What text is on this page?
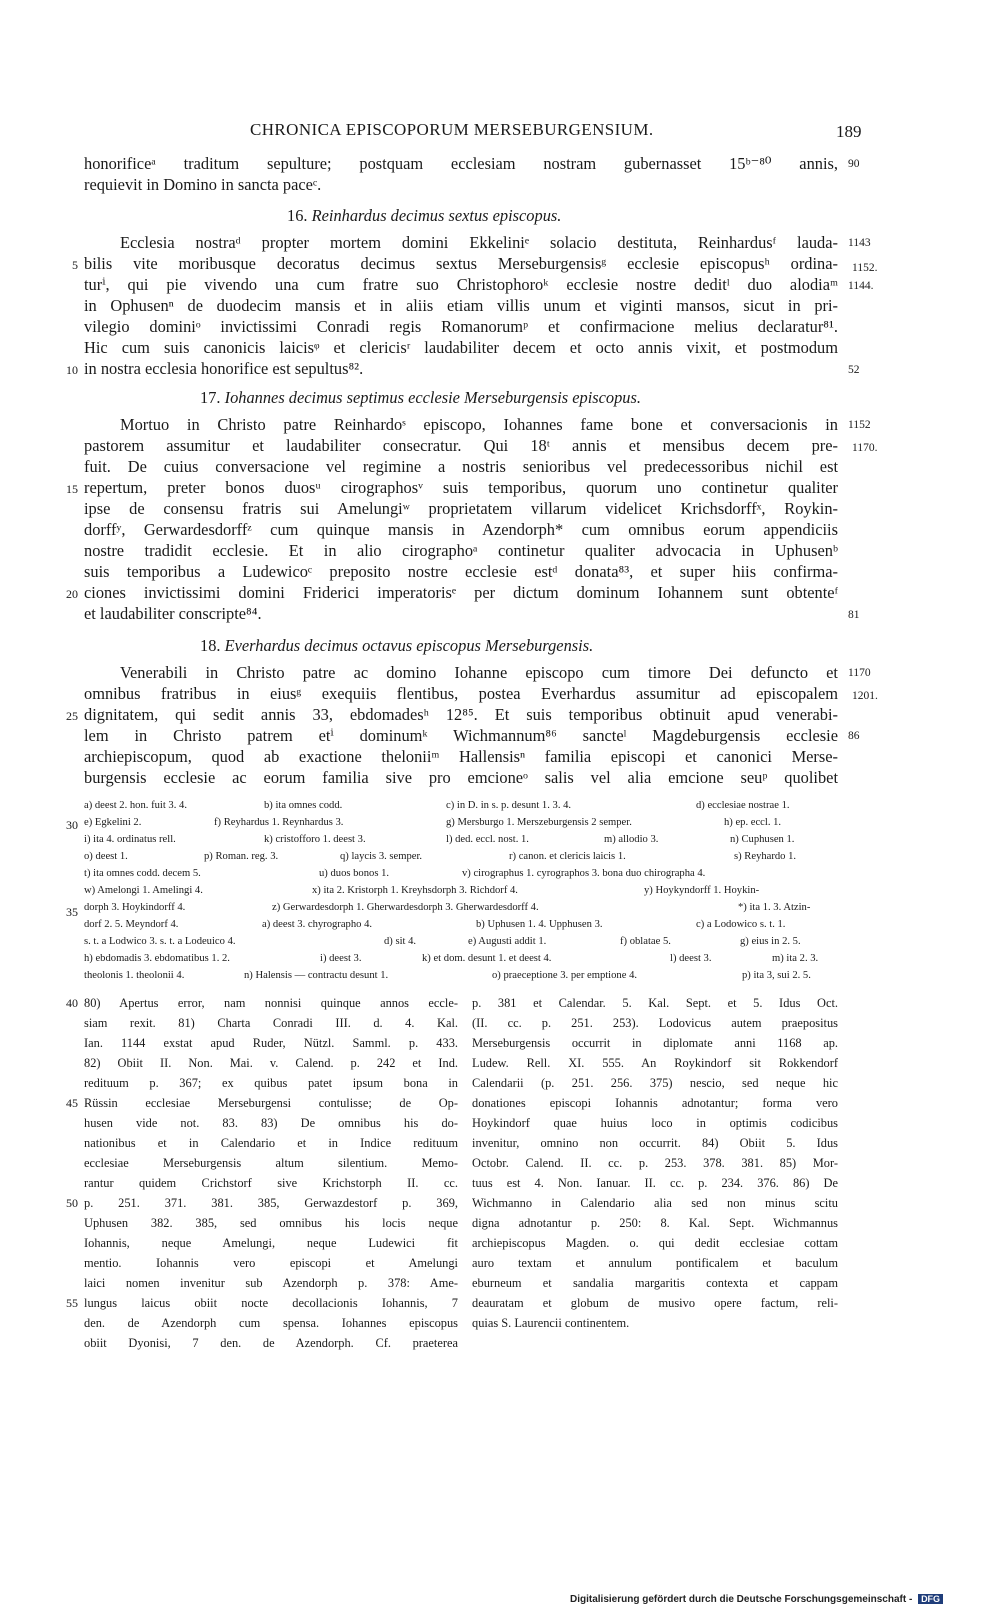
CHRONICA EPISCOPORUM MERSEBURGENSIUM.	189
honorificeᵃ traditum sepulture; postquam ecclesiam nostram gubernasset 15ᵇ⁻⁸⁰ annis,
requievit in Domino in sancta paceᶜ.
16. Reinhardus decimus sextus episcopus.
Ecclesia nostraᵈ propter mortem domini Ekkeliniᵉ solacio destituta, Reinhardusᶠ lauda-
bilis vite moribusque decoratus decimus sextus Merseburgensisᵍ ecclesie episcopusʰ ordina-
turⁱ, qui pie vivendo una cum fratre suo Christophoroᵏ ecclesie nostre deditˡ duo alodiaᵐ
in Ophusenⁿ de duodecim mansis et in aliis etiam villis unum et viginti mansos, sicut in pri-
vilegio dominiᵒ invictissimi Conradi regis Romanorumᵖ et confirmacione melius declaratur⁸¹.
Hic cum suis canonicis laicisᵠ et clericisʳ laudabiliter decem et octo annis vixit, et postmodum
in nostra ecclesia honorifice est sepultus⁸².
17. Iohannes decimus septimus ecclesie Merseburgensis episcopus.
Mortuo in Christo patre Reinhardoˢ episcopo, Iohannes fame bone et conversacionis in
pastorem assumitur et laudabiliter consecratur. Qui 18ᵗ annis et mensibus decem pre-
fuit. De cuius conversacione vel regimine a nostris senioribus vel predecessoribus nichil est
repertum, preter bonos duosᵘ cirographosᵛ suis temporibus, quorum uno continetur qualiter
ipse de consensu fratris sui Amelungiʷ proprietatem villarum videlicet Krichsdorffˣ, Roykin-
dorffʸ, Gerwardesdorffᶻ cum quinque mansis in Azendorph* cum omnibus eorum appendiciis
nostre tradidit ecclesie. Et in alio cirographoᵃ continetur qualiter advocacia in Uphusenᵇ
suis temporibus a Ludewicoᶜ preposito nostre ecclesie estᵈ donata⁸³, et super hiis confirma-
ciones invictissimi domini Friderici imperatorisᵉ per dictum dominum Iohannem sunt obtenteᶠ
et laudabiliter conscripte⁸⁴.
18. Everhardus decimus octavus episcopus Merseburgensis.
Venerabili in Christo patre ac domino Iohanne episcopo cum timore Dei defuncto et
omnibus fratribus in eiusᵍ exequiis flentibus, postea Everhardus assumitur ad episcopalem
dignitatem, qui sedit annis 33, ebdomadesʰ 12⁸⁵. Et suis temporibus obtinuit apud venerabi-
lem in Christo patrem etⁱ dominumᵏ Wichmannum⁸⁶ sancteˡ Magdeburgensis ecclesie
archiepiscopum, quod ab exactione theloniiᵐ Hallensisⁿ familia episcopi et canonici Merse-
burgensis ecclesie ac eorum familia sive pro emcioneᵒ salis vel alia emcione seuᵖ quolibet
5
10
15
20
25
30
35
40
45
50
55
90
1143
1152.
1144.
52
1152
1170.
81
1170
1201.
86
a) deest 2. hon. fuit 3. 4.	b) ita omnes codd.	c) in D. in s. p. desunt 1. 3. 4.	d) ecclesiae nostrae 1.
e) Egkelini 2.	f) Reyhardus 1. Reynhardus 3.	g) Mersburgo 1. Merszeburgensis 2 semper.	h) ep. eccl. 1.
i) ita 4. ordinatus rell.	k) cristofforo 1. deest 3.	l) ded. eccl. nost. 1.	m) allodio 3.	n) Cuphusen 1.
o) deest 1.	p) Roman. reg. 3.	q) laycis 3. semper.	r) canon. et clericis laicis 1.	s) Reyhardo 1.
t) ita omnes codd. decem 5.	u) duos bonos 1.	v) cirographus 1. cyrographos 3. bona duo chirographa 4.
w) Amelongi 1. Amelingi 4.	x) ita 2. Kristorph 1. Kreyhsdorph 3. Richdorf 4.	y) Hoykyndorff 1. Hoykin-
dorph 3. Hoykindorff 4.	z) Gerwardesdorph 1. Gherwardesdorph 3. Gherwardesdorff 4.	*) ita 1. 3. Atzin-
dorf 2. 5. Meyndorf 4.	a) deest 3. chyrographo 4.	b) Uphusen 1. 4. Upphusen 3.	c) a Lodowico s. t. 1.
s. t. a Lodwico 3. s. t. a Lodeuico 4.	d) sit 4.	e) Augusti addit 1.	f) oblatae 5.	g) eius in 2. 5.
h) ebdomadis 3. ebdomatibus 1. 2.	i) deest 3.	k) et dom. desunt 1. et deest 4.	l) deest 3.	m) ita 2. 3.
theolonis 1. theolonii 4.	n) Halensis — contractu desunt 1.	o) praeceptione 3. per emptione 4.	p) ita 3, sui 2. 5.
80) Apertus error, nam nonnisi quinque annos eccle-
siam rexit. 81) Charta Conradi III. d. 4. Kal.
Ian. 1144 exstat apud Ruder, Nützl. Samml. p. 433.
82) Obiit II. Non. Mai. v. Calend. p. 242 et Ind.
redituum p. 367; ex quibus patet ipsum bona in
Rüssin ecclesiae Merseburgensi contulisse; de Op-
husen vide not. 83. 83) De omnibus his do-
nationibus et in Calendario et in Indice redituum
ecclesiae Merseburgensis altum silentium. Memo-
rantur quidem Crichstorf sive Krichstorph II. cc.
p. 251. 371. 381. 385, Gerwazdestorf p. 369,
Uphusen 382. 385, sed omnibus his locis neque
Iohannis, neque Amelungi, neque Ludewici fit
mentio. Iohannis vero episcopi et Amelungi
laici nomen invenitur sub Azendorph p. 378: Ame-
lungus laicus obiit nocte decollacionis Iohannis, 7
den. de Azendorph cum spensa. Iohannes episcopus
obiit Dyonisi, 7 den. de Azendorph. Cf. praeterea
p. 381 et Calendar. 5. Kal. Sept. et 5. Idus Oct.
(II. cc. p. 251. 253). Lodovicus autem praepositus
Merseburgensis occurrit in diplomate anni 1168 ap.
Ludew. Rell. XI. 555. An Roykindorf sit Rokkendorf
Calendarii (p. 251. 256. 375) nescio, sed neque hic
donationes episcopi Iohannis adnotantur; forma vero
Hoykindorf quae huius loco in optimis codicibus
invenitur, omnino non occurrit. 84) Obiit 5. Idus
Octobr. Calend. II. cc. p. 253. 378. 381. 85) Mor-
tuus est 4. Non. Ianuar. II. cc. p. 234. 376. 86) De
Wichmanno in Calendario alia sed non minus scitu
digna adnotantur p. 250: 8. Kal. Sept. Wichmannus
archiepiscopus Magden. o. qui dedit ecclesiae cottam
auro textam et annulum pontificalem et baculum
eburneum et sandalia margaritis contexta et cappam
deauratam et globum de musivo opere factum, reli-
quias S. Laurencii continentem.
Digitalisierung gefördert durch die Deutsche Forschungsgemeinschaft - DFG
